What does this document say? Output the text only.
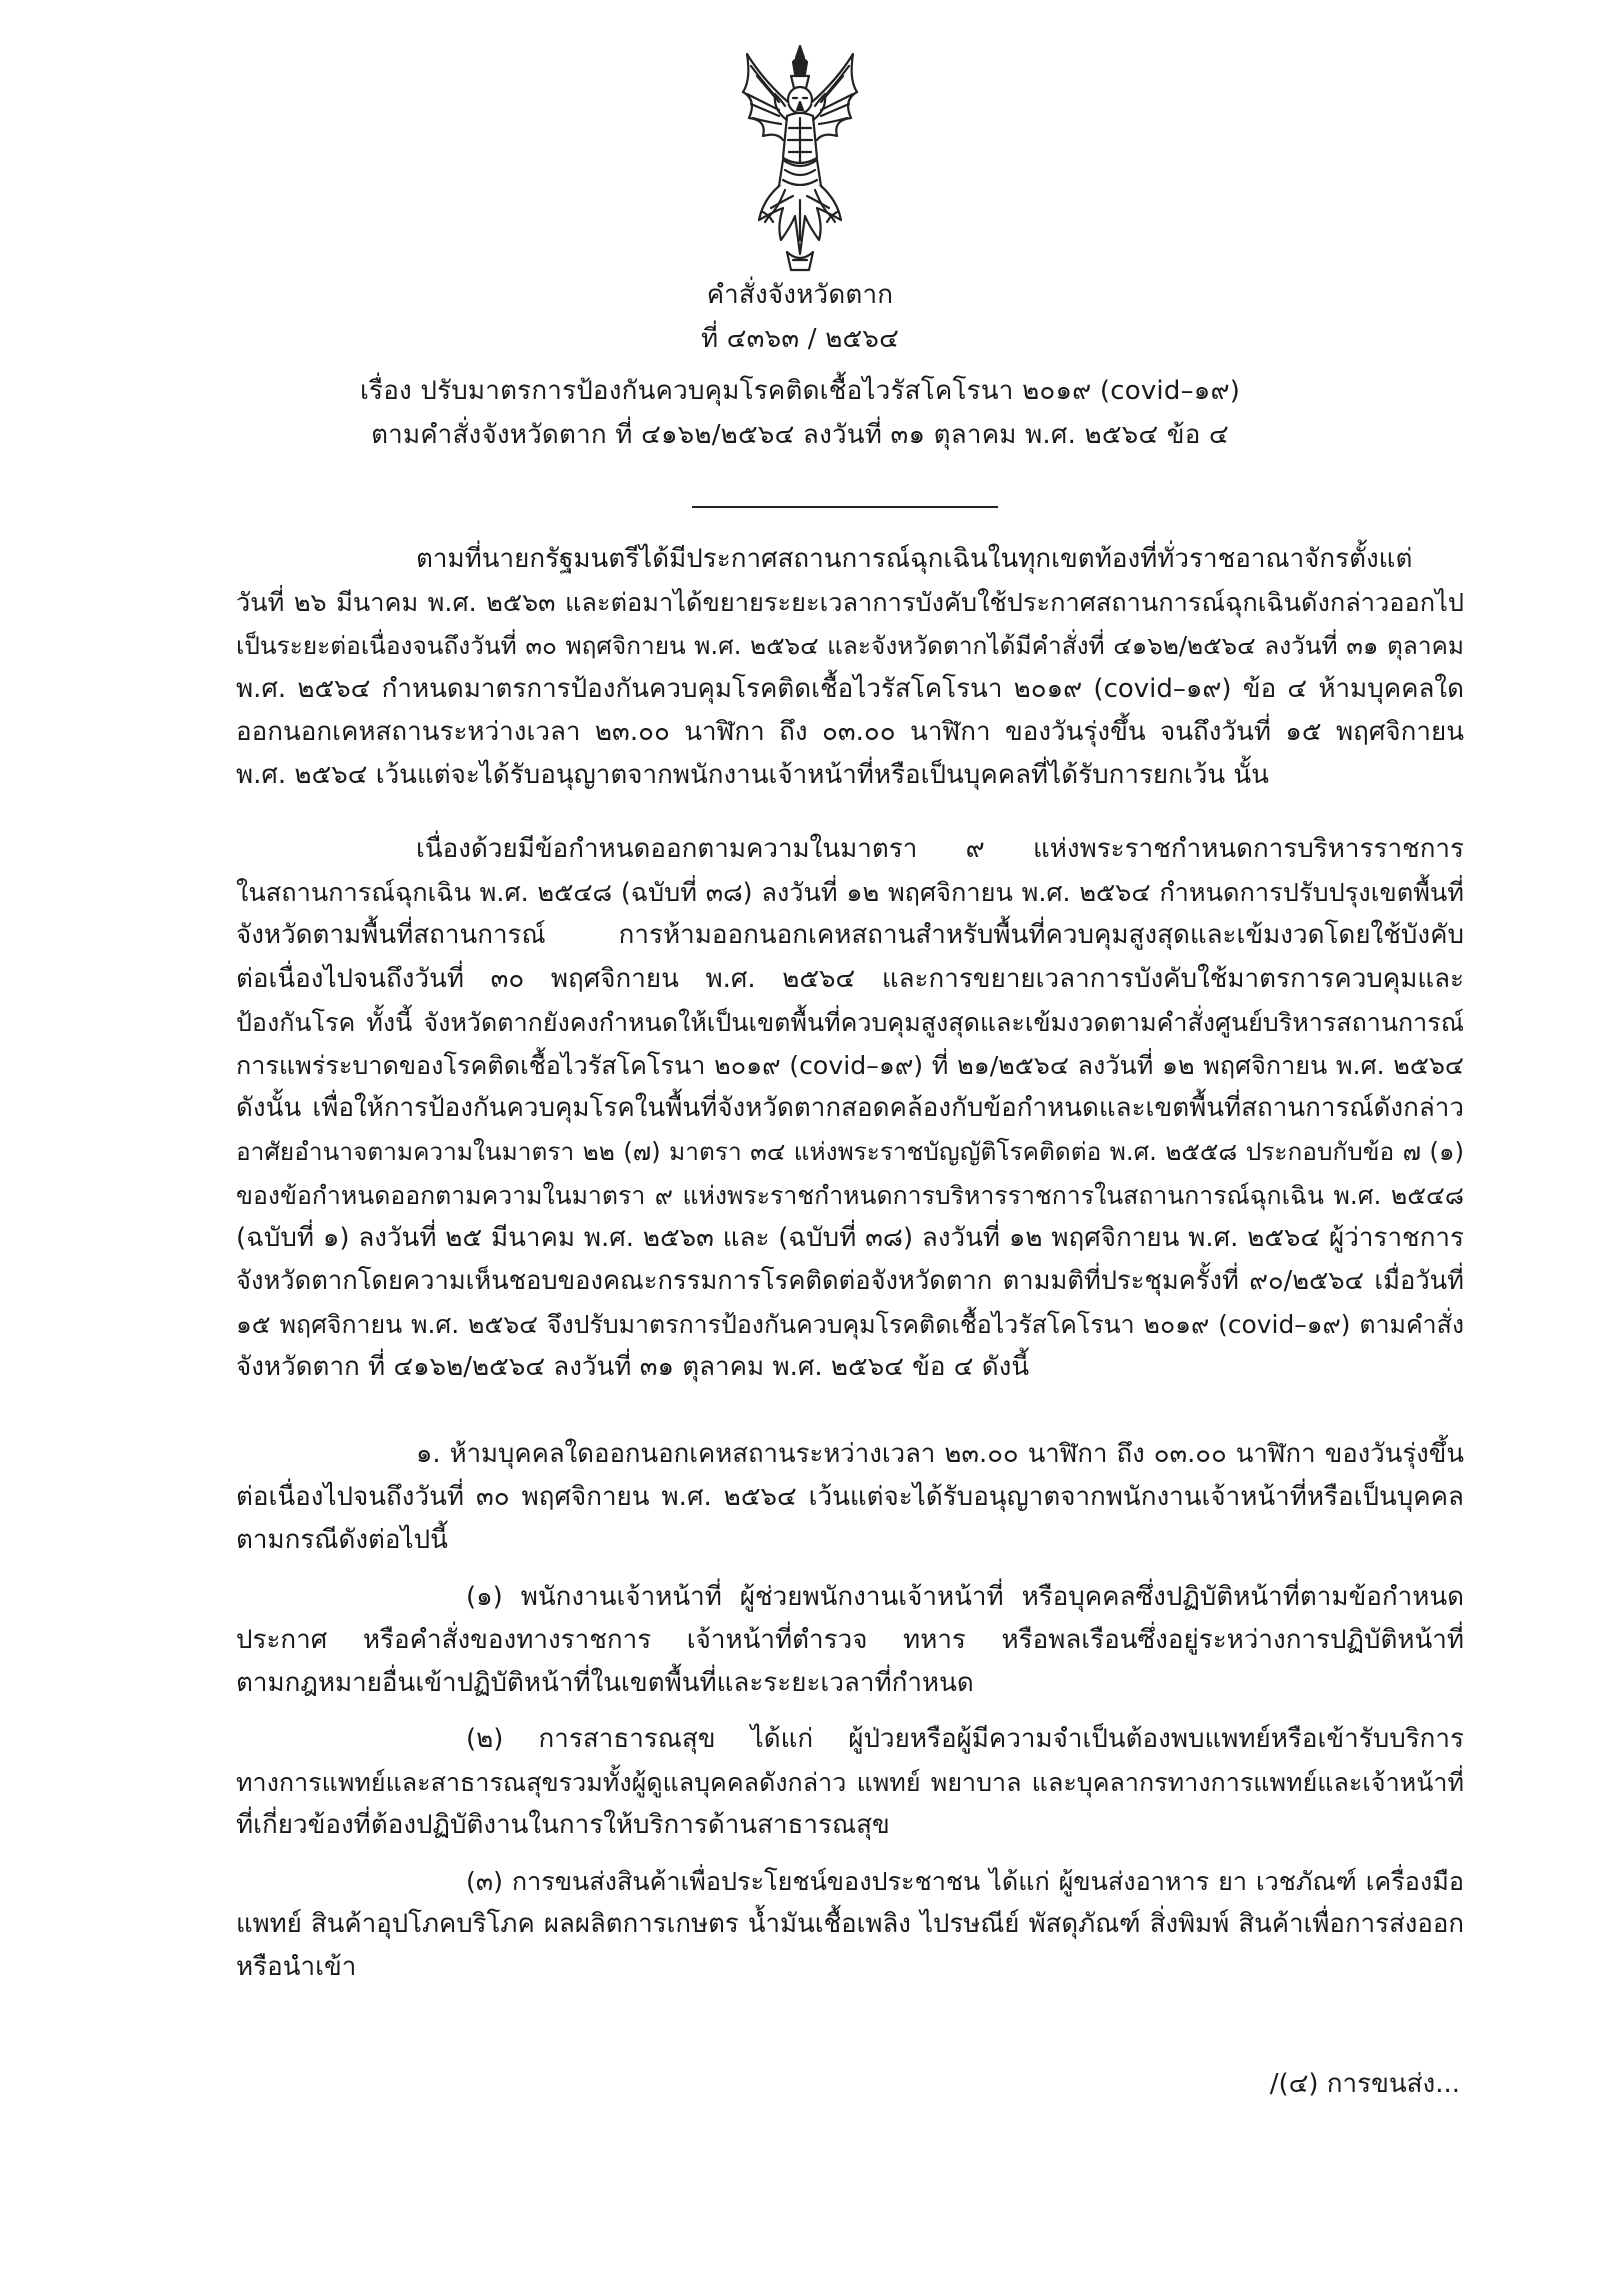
คำสั่งจังหวัดตาก
ที่ ๔๓๖๓ / ๒๕๖๔
เรื่อง ปรับมาตรการป้องกันควบคุมโรคติดเชื้อไวรัสโคโรนา ๒๐๑๙ (covid–๑๙)
ตามคำสั่งจังหวัดตาก ที่ ๔๑๖๒/๒๕๖๔ ลงวันที่ ๓๑ ตุลาคม พ.ศ. ๒๕๖๔ ข้อ ๔
ตามที่นายกรัฐมนตรีได้มีประกาศสถานการณ์ฉุกเฉินในทุกเขตท้องที่ทั่วราชอาณาจักรตั้งแต่
วันที่ ๒๖ มีนาคม พ.ศ. ๒๕๖๓ และต่อมาได้ขยายระยะเวลาการบังคับใช้ประกาศสถานการณ์ฉุกเฉินดังกล่าวออกไป
เป็นระยะต่อเนื่องจนถึงวันที่ ๓๐ พฤศจิกายน พ.ศ. ๒๕๖๔ และจังหวัดตากได้มีคำสั่งที่ ๔๑๖๒/๒๕๖๔ ลงวันที่ ๓๑ ตุลาคม
พ.ศ. ๒๕๖๔ กำหนดมาตรการป้องกันควบคุมโรคติดเชื้อไวรัสโคโรนา ๒๐๑๙ (covid–๑๙) ข้อ ๔ ห้ามบุคคลใด
ออกนอกเคหสถานระหว่างเวลา ๒๓.๐๐ นาฬิกา ถึง ๐๓.๐๐ นาฬิกา ของวันรุ่งขึ้น จนถึงวันที่ ๑๕ พฤศจิกายน
พ.ศ. ๒๕๖๔ เว้นแต่จะได้รับอนุญาตจากพนักงานเจ้าหน้าที่หรือเป็นบุคคลที่ได้รับการยกเว้น นั้น
เนื่องด้วยมีข้อกำหนดออกตามความในมาตรา ๙ แห่งพระราชกำหนดการบริหารราชการ
ในสถานการณ์ฉุกเฉิน พ.ศ. ๒๕๔๘ (ฉบับที่ ๓๘) ลงวันที่ ๑๒ พฤศจิกายน พ.ศ. ๒๕๖๔ กำหนดการปรับปรุงเขตพื้นที่
จังหวัดตามพื้นที่สถานการณ์ การห้ามออกนอกเคหสถานสำหรับพื้นที่ควบคุมสูงสุดและเข้มงวดโดยใช้บังคับ
ต่อเนื่องไปจนถึงวันที่ ๓๐ พฤศจิกายน พ.ศ. ๒๕๖๔ และการขยายเวลาการบังคับใช้มาตรการควบคุมและ
ป้องกันโรค ทั้งนี้ จังหวัดตากยังคงกำหนดให้เป็นเขตพื้นที่ควบคุมสูงสุดและเข้มงวดตามคำสั่งศูนย์บริหารสถานการณ์
การแพร่ระบาดของโรคติดเชื้อไวรัสโคโรนา ๒๐๑๙ (covid–๑๙) ที่ ๒๑/๒๕๖๔ ลงวันที่ ๑๒ พฤศจิกายน พ.ศ. ๒๕๖๔
ดังนั้น เพื่อให้การป้องกันควบคุมโรคในพื้นที่จังหวัดตากสอดคล้องกับข้อกำหนดและเขตพื้นที่สถานการณ์ดังกล่าว
อาศัยอำนาจตามความในมาตรา ๒๒ (๗) มาตรา ๓๔ แห่งพระราชบัญญัติโรคติดต่อ พ.ศ. ๒๕๕๘ ประกอบกับข้อ ๗ (๑)
ของข้อกำหนดออกตามความในมาตรา ๙ แห่งพระราชกำหนดการบริหารราชการในสถานการณ์ฉุกเฉิน พ.ศ. ๒๕๔๘
(ฉบับที่ ๑) ลงวันที่ ๒๕ มีนาคม พ.ศ. ๒๕๖๓ และ (ฉบับที่ ๓๘) ลงวันที่ ๑๒ พฤศจิกายน พ.ศ. ๒๕๖๔ ผู้ว่าราชการ
จังหวัดตากโดยความเห็นชอบของคณะกรรมการโรคติดต่อจังหวัดตาก ตามมติที่ประชุมครั้งที่ ๙๐/๒๕๖๔ เมื่อวันที่
๑๕ พฤศจิกายน พ.ศ. ๒๕๖๔ จึงปรับมาตรการป้องกันควบคุมโรคติดเชื้อไวรัสโคโรนา ๒๐๑๙ (covid–๑๙) ตามคำสั่ง
จังหวัดตาก ที่ ๔๑๖๒/๒๕๖๔ ลงวันที่ ๓๑ ตุลาคม พ.ศ. ๒๕๖๔ ข้อ ๔ ดังนี้
๑. ห้ามบุคคลใดออกนอกเคหสถานระหว่างเวลา ๒๓.๐๐ นาฬิกา ถึง ๐๓.๐๐ นาฬิกา ของวันรุ่งขึ้น
ต่อเนื่องไปจนถึงวันที่ ๓๐ พฤศจิกายน พ.ศ. ๒๕๖๔ เว้นแต่จะได้รับอนุญาตจากพนักงานเจ้าหน้าที่หรือเป็นบุคคล
ตามกรณีดังต่อไปนี้
(๑) พนักงานเจ้าหน้าที่ ผู้ช่วยพนักงานเจ้าหน้าที่ หรือบุคคลซึ่งปฏิบัติหน้าที่ตามข้อกำหนด
ประกาศ หรือคำสั่งของทางราชการ เจ้าหน้าที่ตำรวจ ทหาร หรือพลเรือนซึ่งอยู่ระหว่างการปฏิบัติหน้าที่
ตามกฎหมายอื่นเข้าปฏิบัติหน้าที่ในเขตพื้นที่และระยะเวลาที่กำหนด
(๒) การสาธารณสุข ได้แก่ ผู้ป่วยหรือผู้มีความจำเป็นต้องพบแพทย์หรือเข้ารับบริการ
ทางการแพทย์และสาธารณสุขรวมทั้งผู้ดูแลบุคคลดังกล่าว แพทย์ พยาบาล และบุคลากรทางการแพทย์และเจ้าหน้าที่
ที่เกี่ยวข้องที่ต้องปฏิบัติงานในการให้บริการด้านสาธารณสุข
(๓) การขนส่งสินค้าเพื่อประโยชน์ของประชาชน ได้แก่ ผู้ขนส่งอาหาร ยา เวชภัณฑ์ เครื่องมือ
แพทย์ สินค้าอุปโภคบริโภค ผลผลิตการเกษตร น้ำมันเชื้อเพลิง ไปรษณีย์ พัสดุภัณฑ์ สิ่งพิมพ์ สินค้าเพื่อการส่งออก
หรือนำเข้า
/(๔) การขนส่ง...
